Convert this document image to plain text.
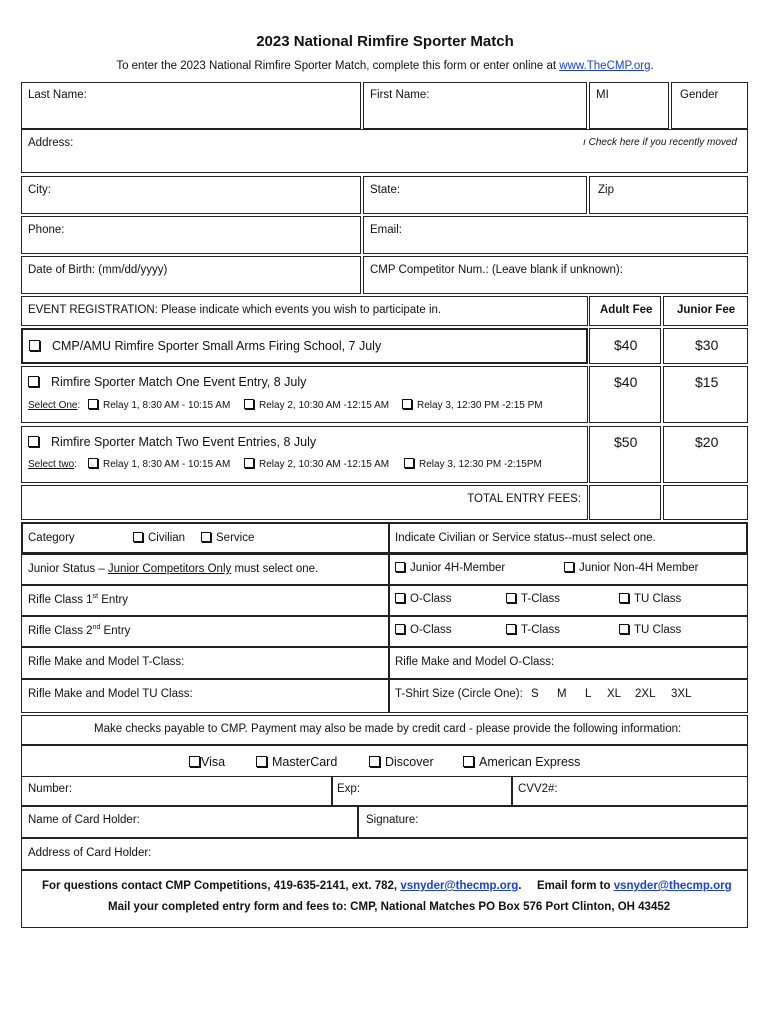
2023 National Rimfire Sporter Match
To enter the 2023 National Rimfire Sporter Match, complete this form or enter online at www.TheCMP.org.
Last Name:	First Name:	MI	Gender
Address:	ı Check here if you recently moved
City:	State:	Zip
Phone:	Email:
Date of Birth: (mm/dd/yyyy)	CMP Competitor Num.: (Leave blank if unknown):
EVENT REGISTRATION: Please indicate which events you wish to participate in.	Adult Fee Junior Fee
CMP/AMU Rimfire Sporter Small Arms Firing School, 7 July	$40	$30
Rimfire Sporter Match One Event Entry, 8 July
Select One:	Relay 1, 8:30 AM - 10:15 AM	Relay 2, 10:30 AM -12:15 AM	Relay 3, 12:30 PM -2:15 PM
$40	$15
Rimfire Sporter Match Two Event Entries, 8 July
Select two:	Relay 1, 8:30 AM - 10:15 AM	Relay 2, 10:30 AM -12:15 AM	Relay 3, 12:30 PM -2:15PM
$50	$20
TOTAL ENTRY FEES:
Category	Civilian	Service	Indicate Civilian or Service status--must select one.
Junior Status – Junior Competitors Only must select one.	Junior 4H-Member	Junior Non-4H Member
Rifle Class 1st Entry	O-Class	T-Class	TU Class
Rifle Class 2nd Entry	O-Class	T-Class	TU Class
Rifle Make and Model T-Class:	Rifle Make and Model O-Class:
Rifle Make and Model TU Class:	T-Shirt Size (Circle One): S M L XL 2XL 3XL
Make checks payable to CMP. Payment may also be made by credit card - please provide the following information:
Visa	MasterCard	Discover	American Express
Number:	Exp:	CVV2#:
Name of Card Holder:	Signature:
Address of Card Holder:
For questions contact CMP Competitions, 419-635-2141, ext. 782, vsnyder@thecmp.org. Email form to vsnyder@thecmp.org
Mail your completed entry form and fees to: CMP, National Matches PO Box 576 Port Clinton, OH 43452
